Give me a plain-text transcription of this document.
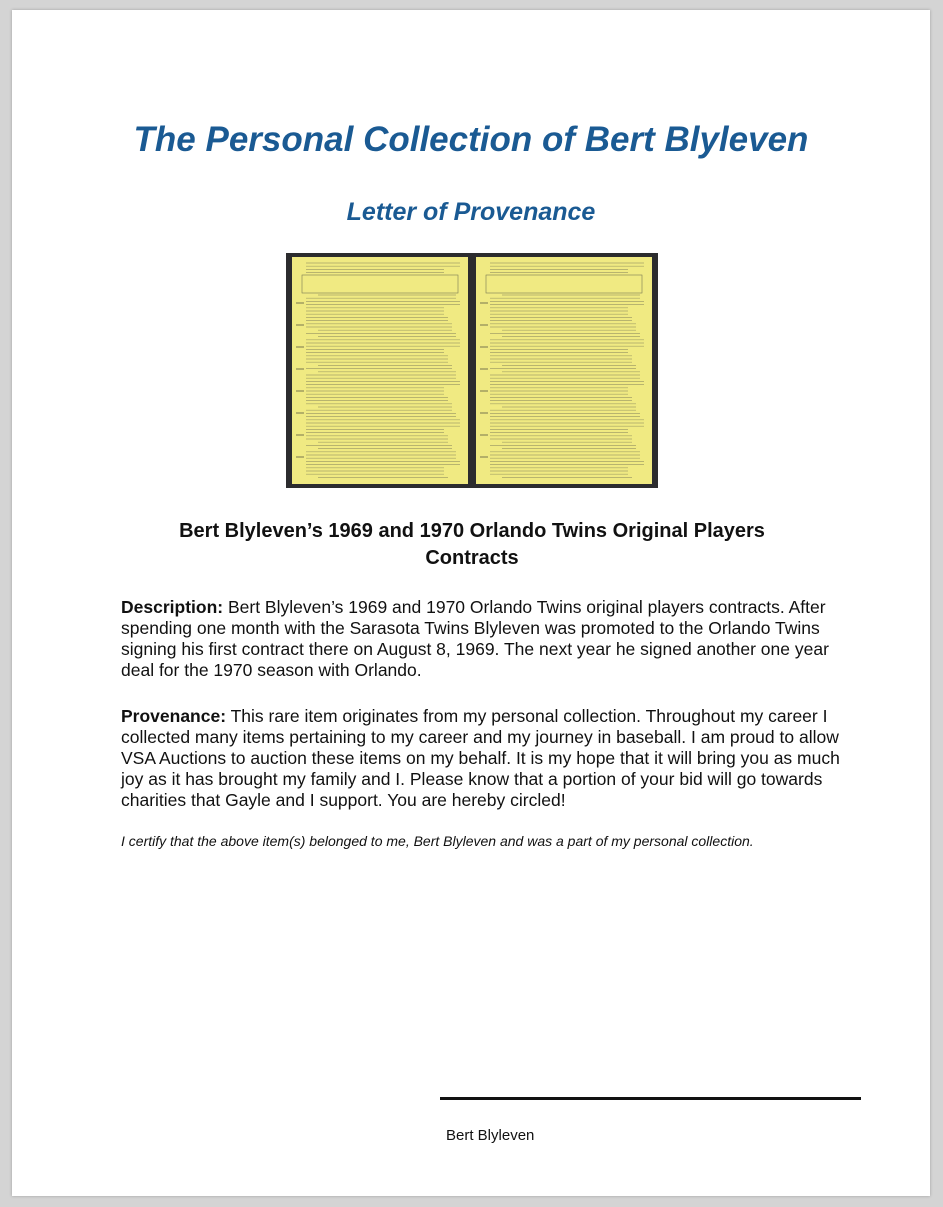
The Personal Collection of Bert Blyleven
Letter of Provenance
Bert Blyleven’s 1969 and 1970 Orlando Twins Original Players Contracts

Description: Bert Blyleven’s 1969 and 1970 Orlando Twins original players contracts. After spending one month with the Sarasota Twins Blyleven was promoted to the Orlando Twins signing his first contract there on August 8, 1969. The next year he signed another one year deal for the 1970 season with Orlando.

Provenance: This rare item originates from my personal collection. Throughout my career I collected many items pertaining to my career and my journey in baseball. I am proud to allow VSA Auctions to auction these items on my behalf. It is my hope that it will bring you as much joy as it has brought my family and I. Please know that a portion of your bid will go towards charities that Gayle and I support. You are hereby circled!

I certify that the above item(s) belonged to me, Bert Blyleven and was a part of my personal collection.

Bert Blyleven
